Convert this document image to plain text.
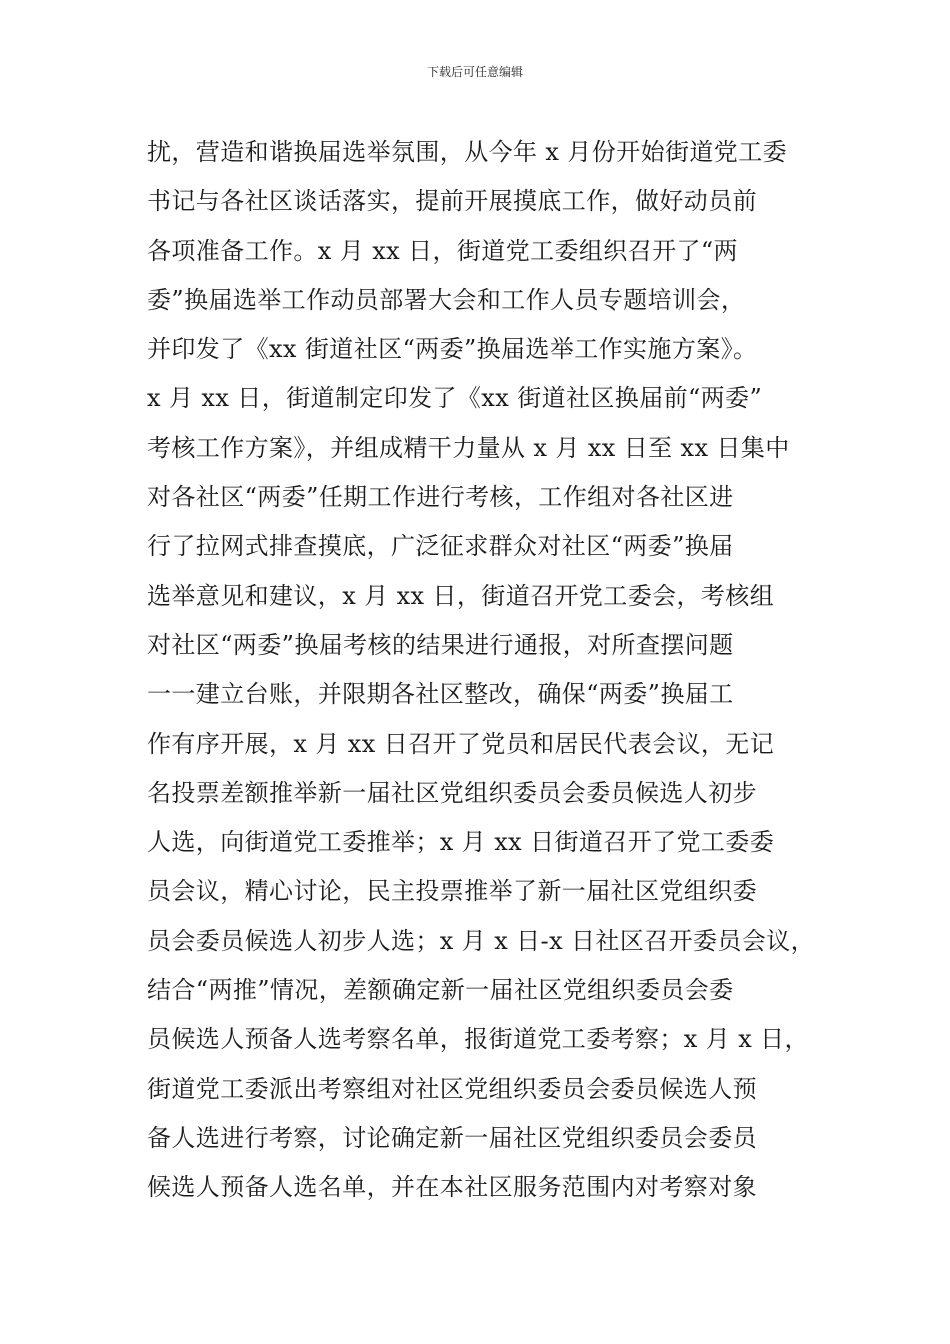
下载后可任意编辑
扰，营造和谐换届选举氛围，从今年 x 月份开始街道党工委
书记与各社区谈话落实，提前开展摸底工作，做好动员前
各项准备工作。x 月 xx 日，街道党工委组织召开了“两
委”换届选举工作动员部署大会和工作人员专题培训会，
并印发了《xx 街道社区“两委”换届选举工作实施方案》。
x 月 xx 日，街道制定印发了《xx 街道社区换届前“两委”
考核工作方案》，并组成精干力量从 x 月 xx 日至 xx 日集中
对各社区“两委”任期工作进行考核，工作组对各社区进
行了拉网式排查摸底，广泛征求群众对社区“两委”换届
选举意见和建议，x 月 xx 日，街道召开党工委会，考核组
对社区“两委”换届考核的结果进行通报，对所查摆问题
一一建立台账，并限期各社区整改，确保“两委”换届工
作有序开展，x 月 xx 日召开了党员和居民代表会议，无记
名投票差额推举新一届社区党组织委员会委员候选人初步
人选，向街道党工委推举；x 月 xx 日街道召开了党工委委
员会议，精心讨论，民主投票推举了新一届社区党组织委
员会委员候选人初步人选；x 月 x 日-x 日社区召开委员会议，
结合“两推”情况，差额确定新一届社区党组织委员会委
员候选人预备人选考察名单，报街道党工委考察；x 月 x 日，
街道党工委派出考察组对社区党组织委员会委员候选人预
备人选进行考察，讨论确定新一届社区党组织委员会委员
候选人预备人选名单，并在本社区服务范围内对考察对象
